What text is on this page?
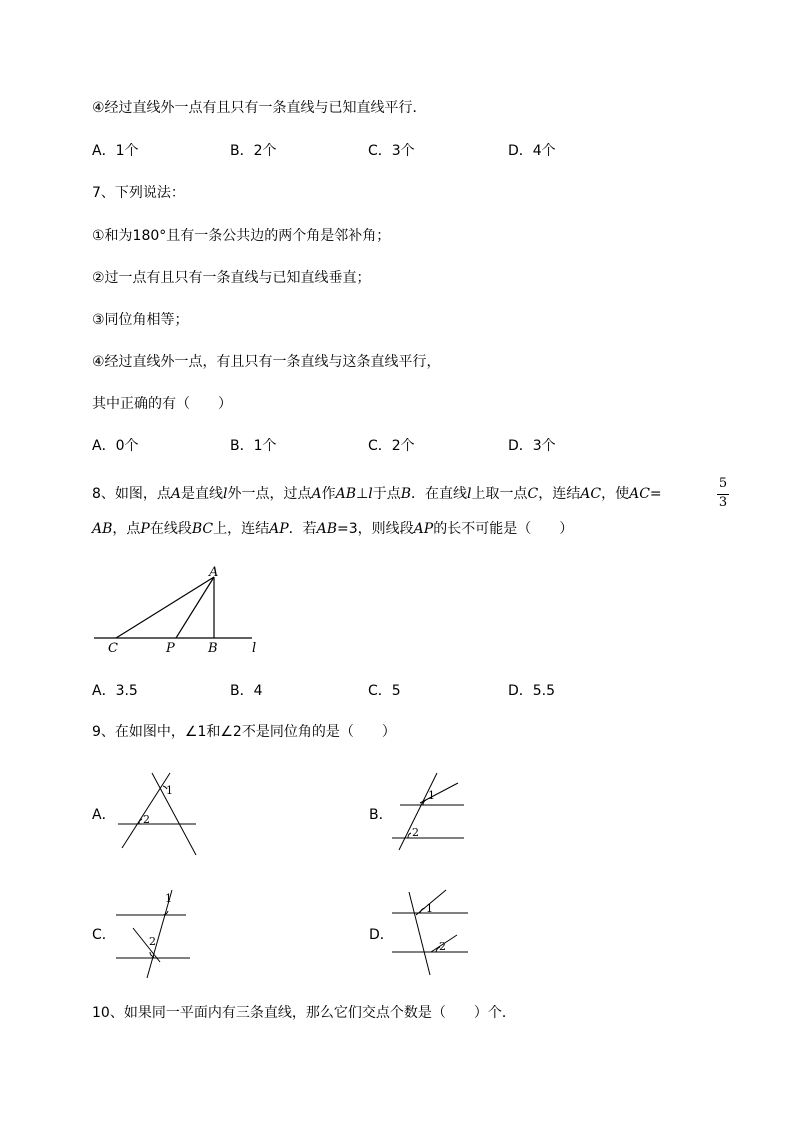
④经过直线外一点有且只有一条直线与已知直线平行．
A．1个	B．2个	C．3个	D．4个
7、下列说法：
①和为180°且有一条公共边的两个角是邻补角；
②过一点有且只有一条直线与已知直线垂直；
③同位角相等；
④经过直线外一点，有且只有一条直线与这条直线平行，
其中正确的有（　　）
A．0个	B．1个	C．2个	D．3个
8、如图，点A是直线l外一点，过点A作AB⊥l于点B．在直线l上取一点C，连结AC，使AC=
5
3
AB，点P在线段BC上，连结AP．若AB=3，则线段AP的长不可能是（　　）
A
C	P	B	l
1
2
1
2
1
2
1
2
A．3.5	B．4	C．5	D．5.5
9、在如图中，∠1和∠2不是同位角的是（　　）
A．	B．
C．	D．
10、如果同一平面内有三条直线，那么它们交点个数是（　　）个．
